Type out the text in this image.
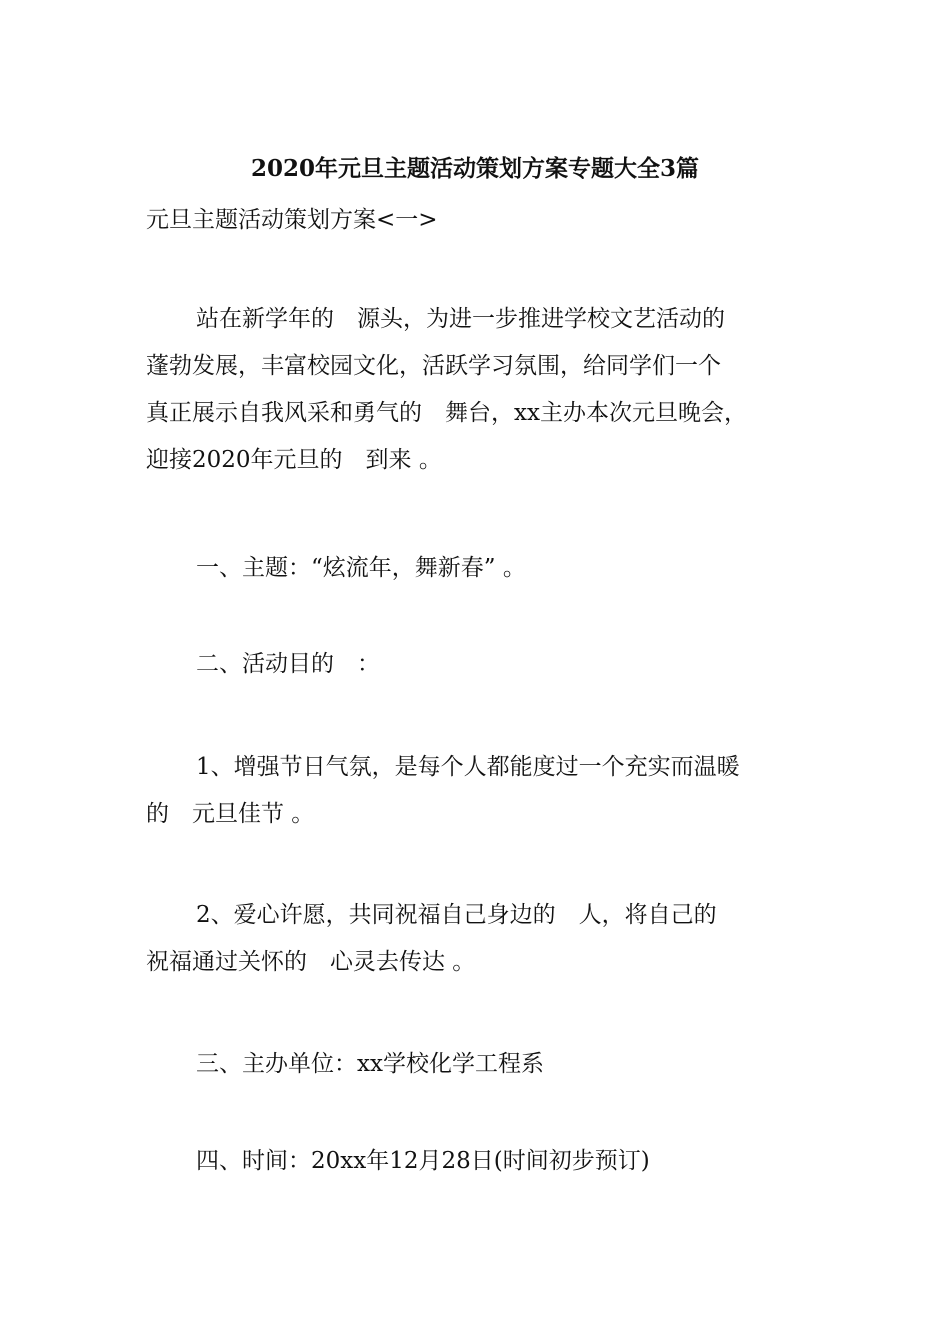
2020年元旦主题活动策划方案专题大全3篇
元旦主题活动策划方案<一>
站在新学年的　源头，为进一步推进学校文艺活动的
蓬勃发展，丰富校园文化，活跃学习氛围，给同学们一个
真正展示自我风采和勇气的　舞台，xx主办本次元旦晚会，
迎接2020年元旦的　到来 。
一、主题：“炫流年，舞新春” 。
二、活动目的　：
1、增强节日气氛，是每个人都能度过一个充实而温暖
的　元旦佳节 。
2、爱心许愿，共同祝福自己身边的　人，将自己的
祝福通过关怀的　心灵去传达 。
三、主办单位：xx学校化学工程系
四、时间：20xx年12月28日(时间初步预订)
